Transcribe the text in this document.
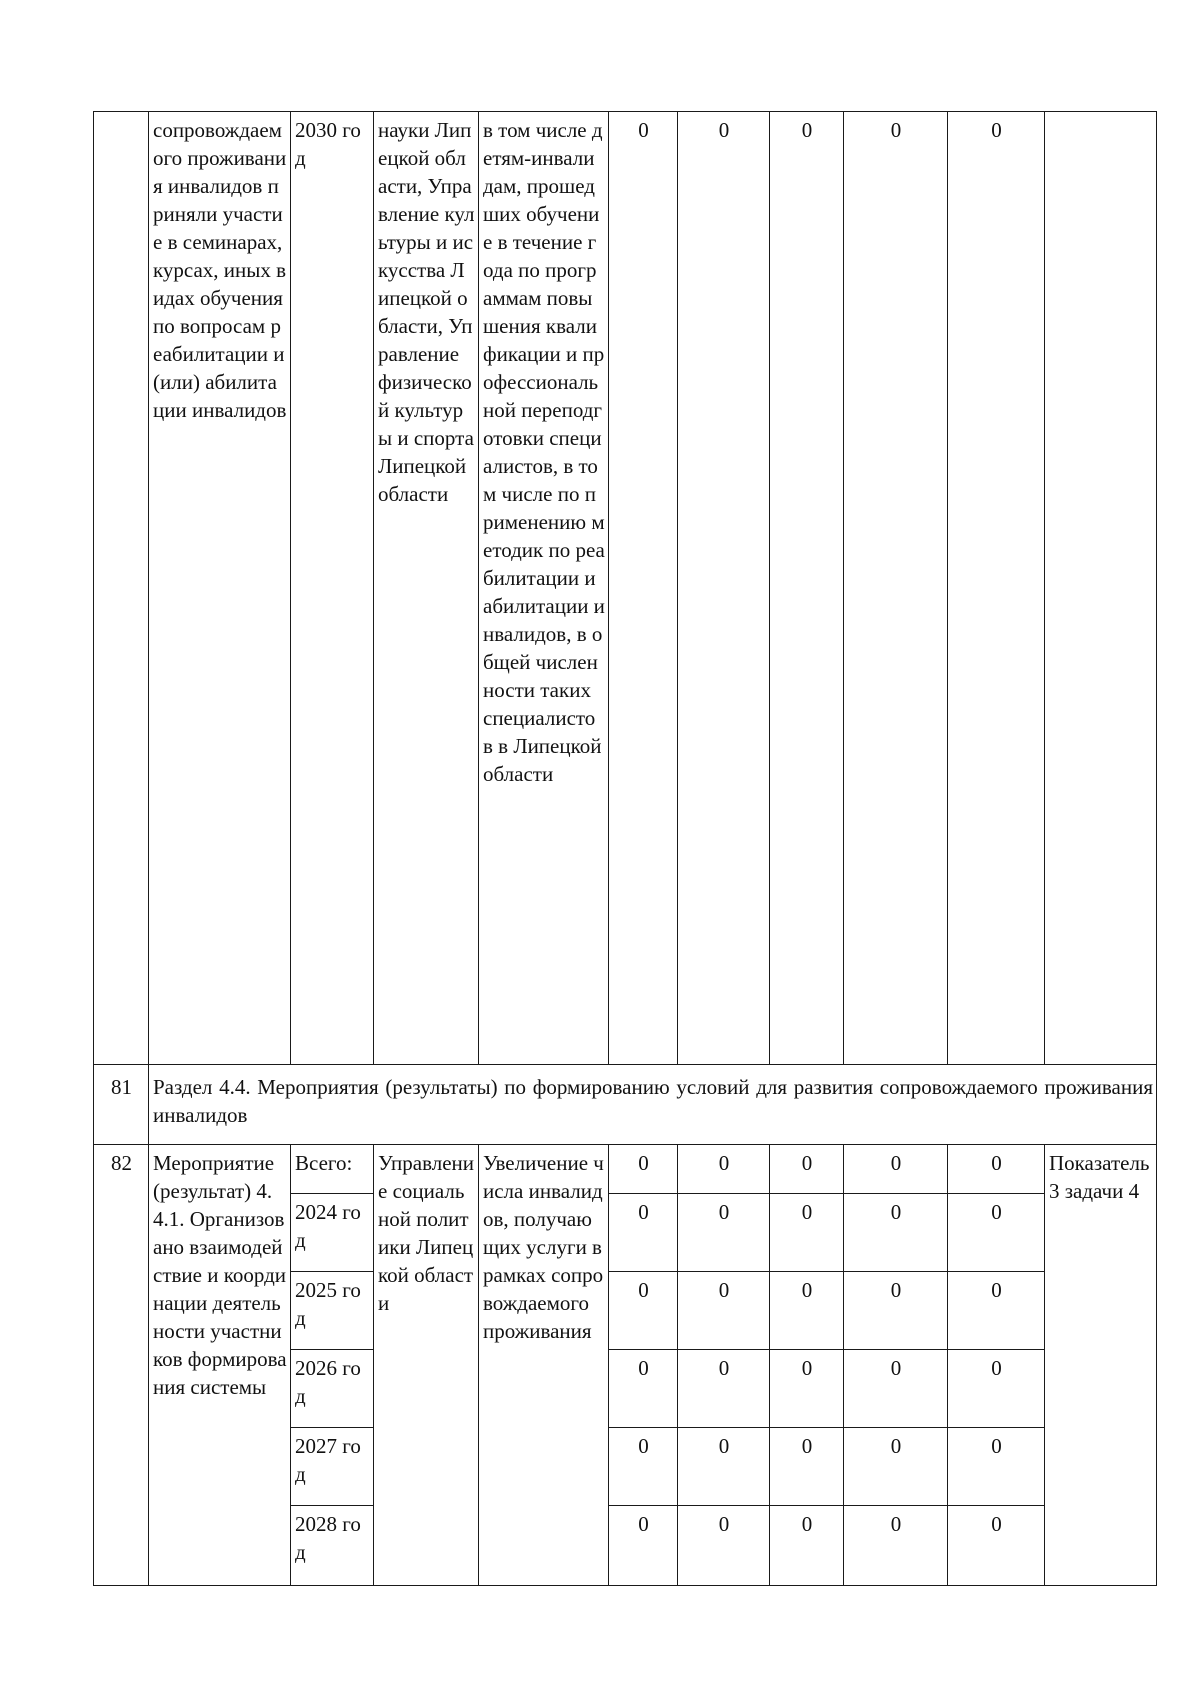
	сопровождаемого проживания инвалидов приняли участие в семинарах, курсах, иных видах обучения по вопросам реабилитации и (или) абилитации инвалидов	2030 год	науки Липецкой области, Управление культуры и искусства Липецкой области, Управление физической культуры и спорта Липецкой области	в том числе детям-инвалидам, прошедших обучение в течение года по программам повышения квалификации и профессиональной переподготовки специалистов, в том числе по применению методик по реабилитации и абилитации инвалидов, в общей численности таких специалистов в Липецкой области	0	0	0	0	0	
81	Раздел 4.4. Мероприятия (результаты) по формированию условий для развития сопровождаемого проживания инвалидов									
82	Мероприятие (результат) 4.4.1. Организовано взаимодействие и координации деятельности участников формирования системы	Всего:	Управление социальной политики Липецкой области	Увеличение числа инвалидов, получающих услуги в рамках сопровождаемого проживания	0	0	0	0	0	Показатель 3 задачи 4
		2024 год			0	0	0	0	0	
		2025 год			0	0	0	0	0	
		2026 год			0	0	0	0	0	
		2027 год			0	0	0	0	0	
		2028 год			0	0	0	0	0	
